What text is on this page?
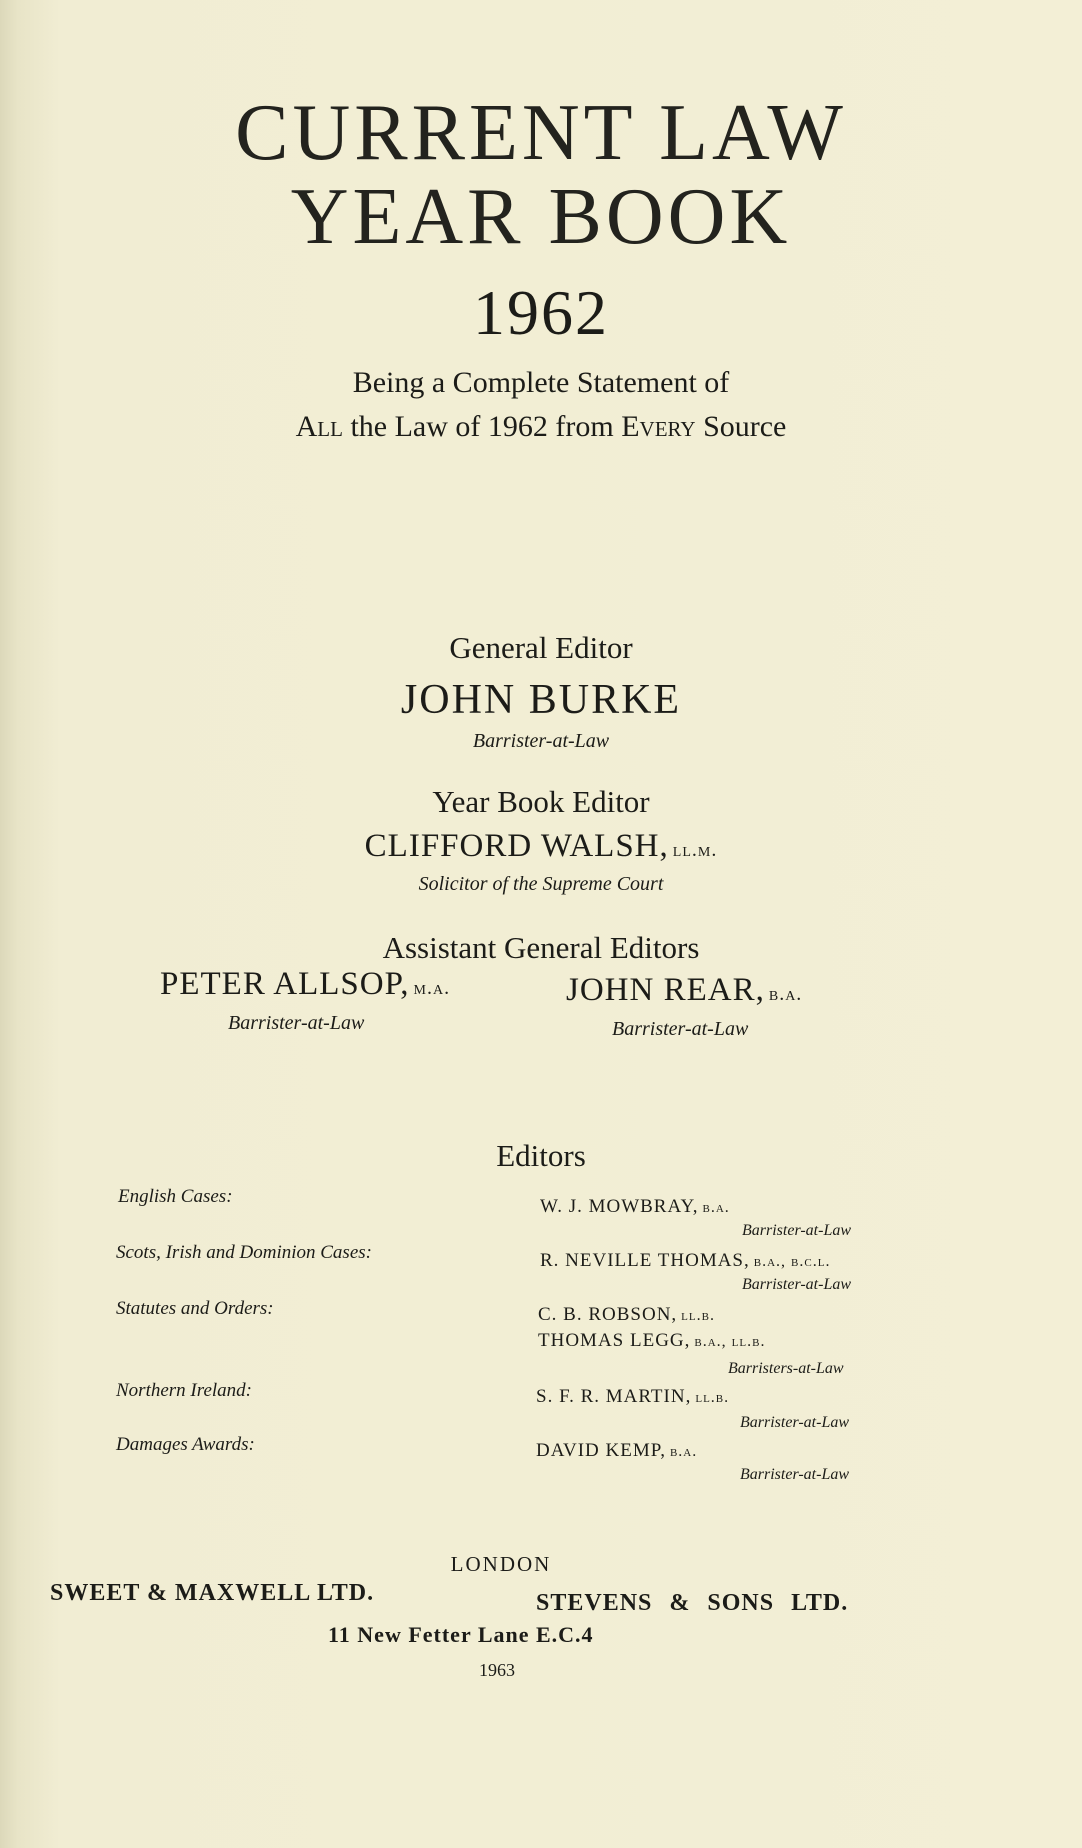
CURRENT LAW
YEAR BOOK
1962
Being a Complete Statement of
All the Law of 1962 from Every Source
General Editor
JOHN BURKE
Barrister-at-Law
Year Book Editor
CLIFFORD WALSH, ll.m.
Solicitor of the Supreme Court
Assistant General Editors
PETER ALLSOP, m.a.
Barrister-at-Law
JOHN REAR, b.a.
Barrister-at-Law
Editors
English Cases:	W. J. MOWBRAY, b.a.
Barrister-at-Law
Scots, Irish and Dominion Cases:	R. NEVILLE THOMAS, b.a., b.c.l.
Barrister-at-Law
Statutes and Orders:	C. B. ROBSON, ll.b.
THOMAS LEGG, b.a., ll.b.
Barristers-at-Law
Northern Ireland:	S. F. R. MARTIN, ll.b.
Barrister-at-Law
Damages Awards:	DAVID KEMP, b.a.
Barrister-at-Law
LONDON
SWEET & MAXWELL LTD.	STEVENS & SONS LTD.
11 New Fetter Lane E.C.4
1963
